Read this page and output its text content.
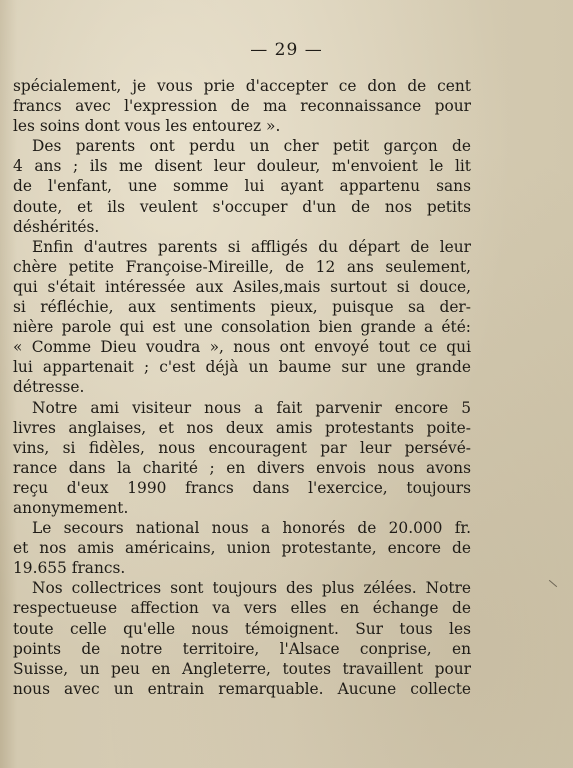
— 29 —
spécialement, je vous prie d'accepter ce don de cent
francs avec l'expression de ma reconnaissance pour
les soins dont vous les entourez ».
Des parents ont perdu un cher petit garçon de
4 ans ; ils me disent leur douleur, m'envoient le lit
de l'enfant, une somme lui ayant appartenu sans
doute, et ils veulent s'occuper d'un de nos petits
déshérités.
Enfin d'autres parents si affligés du départ de leur
chère petite Françoise-Mireille, de 12 ans seulement,
qui s'était intéressée aux Asiles,mais surtout si douce,
si réfléchie, aux sentiments pieux, puisque sa der-
nière parole qui est une consolation bien grande a été:
« Comme Dieu voudra », nous ont envoyé tout ce qui
lui appartenait ; c'est déjà un baume sur une grande
détresse.
Notre ami visiteur nous a fait parvenir encore 5
livres anglaises, et nos deux amis protestants poite-
vins, si fidèles, nous encouragent par leur persévé-
rance dans la charité ; en divers envois nous avons
reçu d'eux 1990 francs dans l'exercice, toujours
anonymement.
Le secours national nous a honorés de 20.000 fr.
et nos amis américains, union protestante, encore de
19.655 francs.
Nos collectrices sont toujours des plus zélées. Notre
respectueuse affection va vers elles en échange de
toute celle qu'elle nous témoignent. Sur tous les
points de notre territoire, l'Alsace conprise, en
Suisse, un peu en Angleterre, toutes travaillent pour
nous avec un entrain remarquable. Aucune collecte
